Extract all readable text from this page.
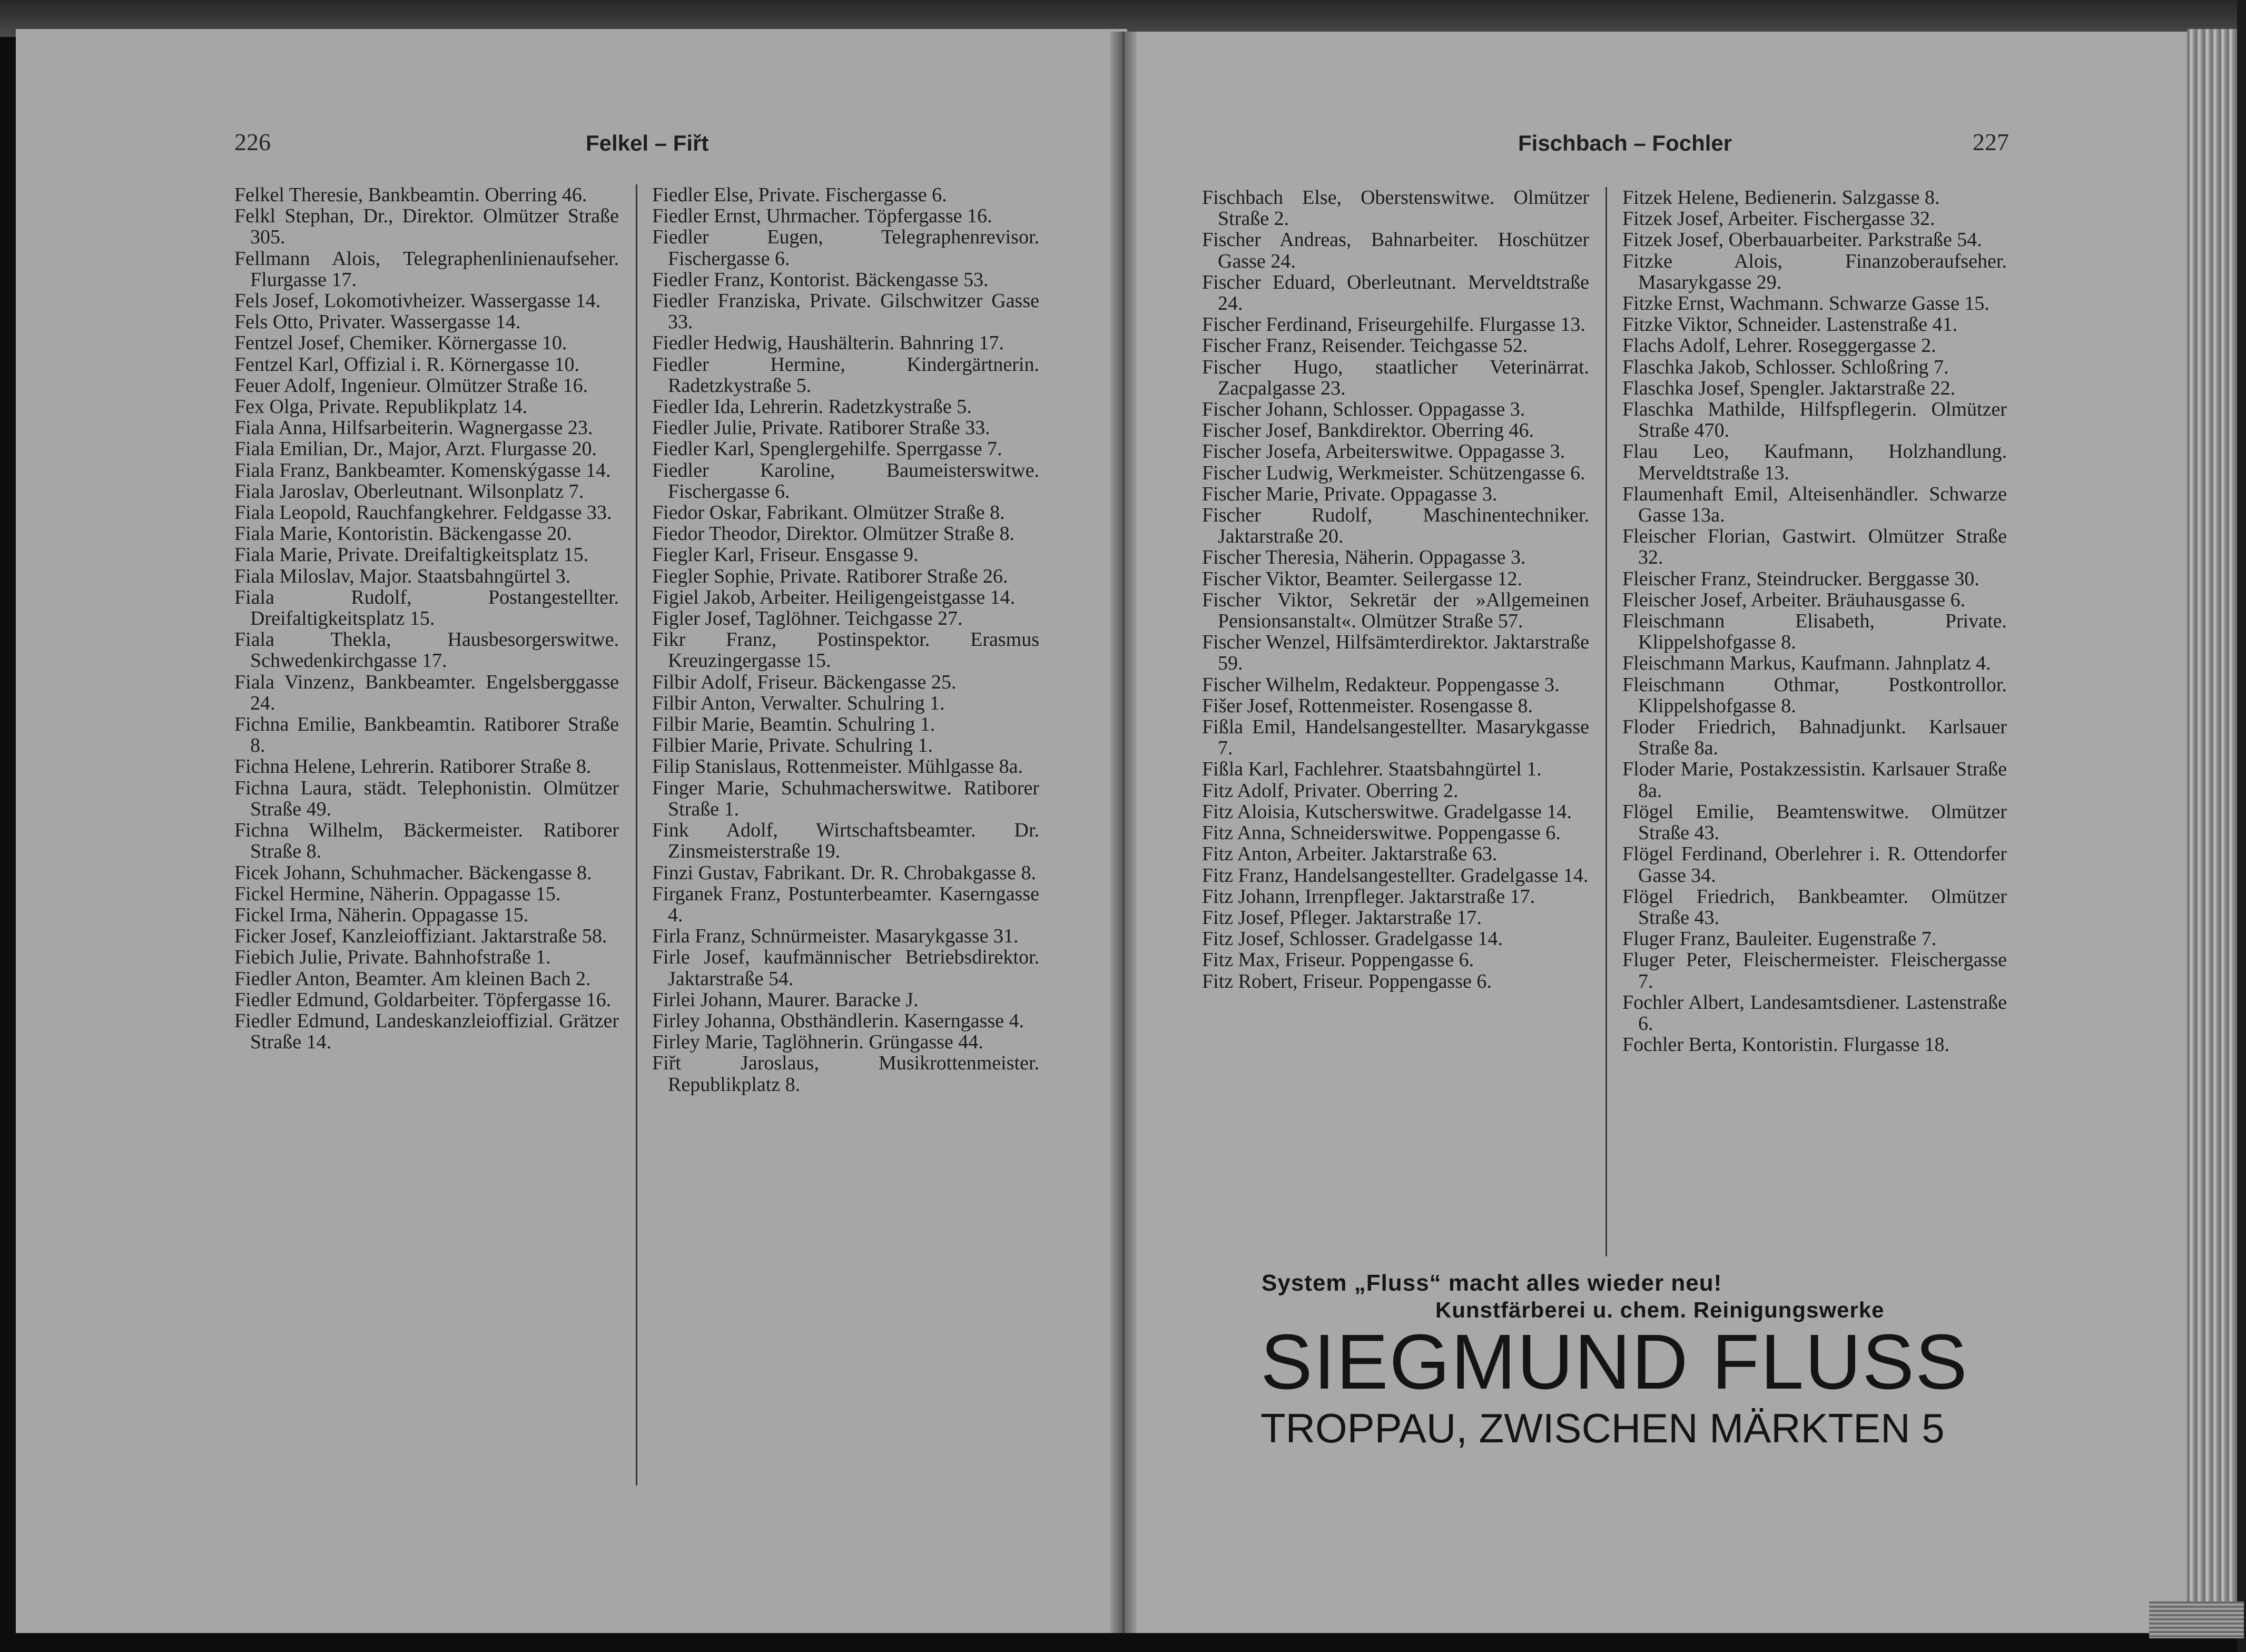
226	Felkel – Fiřt
Felkel Theresie, Bankbeamtin. Oberring 46.
Felkl Stephan, Dr., Direktor. Olmützer Straße 305.
Fellmann Alois, Telegraphenlinienaufseher. Flurgasse 17.
Fels Josef, Lokomotivheizer. Wassergasse 14.
Fels Otto, Privater. Wassergasse 14.
Fentzel Josef, Chemiker. Körnergasse 10.
Fentzel Karl, Offizial i. R. Körnergasse 10.
Feuer Adolf, Ingenieur. Olmützer Straße 16.
Fex Olga, Private. Republikplatz 14.
Fiala Anna, Hilfsarbeiterin. Wagnergasse 23.
Fiala Emilian, Dr., Major, Arzt. Flurgasse 20.
Fiala Franz, Bankbeamter. Komenskýgasse 14.
Fiala Jaroslav, Oberleutnant. Wilsonplatz 7.
Fiala Leopold, Rauchfangkehrer. Feldgasse 33.
Fiala Marie, Kontoristin. Bäckengasse 20.
Fiala Marie, Private. Dreifaltigkeitsplatz 15.
Fiala Miloslav, Major. Staatsbahngürtel 3.
Fiala Rudolf, Postangestellter. Dreifaltigkeitsplatz 15.
Fiala Thekla, Hausbesorgerswitwe. Schwedenkirchgasse 17.
Fiala Vinzenz, Bankbeamter. Engelsberggasse 24.
Fichna Emilie, Bankbeamtin. Ratiborer Straße 8.
Fichna Helene, Lehrerin. Ratiborer Straße 8.
Fichna Laura, städt. Telephonistin. Olmützer Straße 49.
Fichna Wilhelm, Bäckermeister. Ratiborer Straße 8.
Ficek Johann, Schuhmacher. Bäckengasse 8.
Fickel Hermine, Näherin. Oppagasse 15.
Fickel Irma, Näherin. Oppagasse 15.
Ficker Josef, Kanzleioffiziant. Jaktarstraße 58.
Fiebich Julie, Private. Bahnhofstraße 1.
Fiedler Anton, Beamter. Am kleinen Bach 2.
Fiedler Edmund, Goldarbeiter. Töpfergasse 16.
Fiedler Edmund, Landeskanzleioffizial. Grätzer Straße 14.
Fiedler Else, Private. Fischergasse 6.
Fiedler Ernst, Uhrmacher. Töpfergasse 16.
Fiedler Eugen, Telegraphenrevisor. Fischergasse 6.
Fiedler Franz, Kontorist. Bäckengasse 53.
Fiedler Franziska, Private. Gilschwitzer Gasse 33.
Fiedler Hedwig, Haushälterin. Bahnring 17.
Fiedler Hermine, Kindergärtnerin. Radetzkystraße 5.
Fiedler Ida, Lehrerin. Radetzkystraße 5.
Fiedler Julie, Private. Ratiborer Straße 33.
Fiedler Karl, Spenglergehilfe. Sperrgasse 7.
Fiedler Karoline, Baumeisterswitwe. Fischergasse 6.
Fiedor Oskar, Fabrikant. Olmützer Straße 8.
Fiedor Theodor, Direktor. Olmützer Straße 8.
Fiegler Karl, Friseur. Ensgasse 9.
Fiegler Sophie, Private. Ratiborer Straße 26.
Figiel Jakob, Arbeiter. Heiligengeistgasse 14.
Figler Josef, Taglöhner. Teichgasse 27.
Fikr Franz, Postinspektor. Erasmus Kreuzingergasse 15.
Filbir Adolf, Friseur. Bäckengasse 25.
Filbir Anton, Verwalter. Schulring 1.
Filbir Marie, Beamtin. Schulring 1.
Filbier Marie, Private. Schulring 1.
Filip Stanislaus, Rottenmeister. Mühlgasse 8a.
Finger Marie, Schuhmacherswitwe. Ratiborer Straße 1.
Fink Adolf, Wirtschaftsbeamter. Dr. Zinsmeisterstraße 19.
Finzi Gustav, Fabrikant. Dr. R. Chrobakgasse 8.
Firganek Franz, Postunterbeamter. Kaserngasse 4.
Firla Franz, Schnürmeister. Masarykgasse 31.
Firle Josef, kaufmännischer Betriebsdirektor. Jaktarstraße 54.
Firlei Johann, Maurer. Baracke J.
Firley Johanna, Obsthändlerin. Kaserngasse 4.
Firley Marie, Taglöhnerin. Grüngasse 44.
Fiřt Jaroslaus, Musikrottenmeister. Republikplatz 8.
Fischbach – Fochler	227
Fischbach Else, Oberstenswitwe. Olmützer Straße 2.
Fischer Andreas, Bahnarbeiter. Hoschützer Gasse 24.
Fischer Eduard, Oberleutnant. Merveldtstraße 24.
Fischer Ferdinand, Friseurgehilfe. Flurgasse 13.
Fischer Franz, Reisender. Teichgasse 52.
Fischer Hugo, staatlicher Veterinärrat. Zacpalgasse 23.
Fischer Johann, Schlosser. Oppagasse 3.
Fischer Josef, Bankdirektor. Oberring 46.
Fischer Josefa, Arbeiterswitwe. Oppagasse 3.
Fischer Ludwig, Werkmeister. Schützengasse 6.
Fischer Marie, Private. Oppagasse 3.
Fischer Rudolf, Maschinentechniker. Jaktarstraße 20.
Fischer Theresia, Näherin. Oppagasse 3.
Fischer Viktor, Beamter. Seilergasse 12.
Fischer Viktor, Sekretär der »Allgemeinen Pensionsanstalt«. Olmützer Straße 57.
Fischer Wenzel, Hilfsämterdirektor. Jaktarstraße 59.
Fischer Wilhelm, Redakteur. Poppengasse 3.
Fišer Josef, Rottenmeister. Rosengasse 8.
Fißla Emil, Handelsangestellter. Masarykgasse 7.
Fißla Karl, Fachlehrer. Staatsbahngürtel 1.
Fitz Adolf, Privater. Oberring 2.
Fitz Aloisia, Kutscherswitwe. Gradelgasse 14.
Fitz Anna, Schneiderswitwe. Poppengasse 6.
Fitz Anton, Arbeiter. Jaktarstraße 63.
Fitz Franz, Handelsangestellter. Gradelgasse 14.
Fitz Johann, Irrenpfleger. Jaktarstraße 17.
Fitz Josef, Pfleger. Jaktarstraße 17.
Fitz Josef, Schlosser. Gradelgasse 14.
Fitz Max, Friseur. Poppengasse 6.
Fitz Robert, Friseur. Poppengasse 6.
Fitzek Helene, Bedienerin. Salzgasse 8.
Fitzek Josef, Arbeiter. Fischergasse 32.
Fitzek Josef, Oberbauarbeiter. Parkstraße 54.
Fitzke Alois, Finanzoberaufseher. Masarykgasse 29.
Fitzke Ernst, Wachmann. Schwarze Gasse 15.
Fitzke Viktor, Schneider. Lastenstraße 41.
Flachs Adolf, Lehrer. Roseggergasse 2.
Flaschka Jakob, Schlosser. Schloßring 7.
Flaschka Josef, Spengler. Jaktarstraße 22.
Flaschka Mathilde, Hilfspflegerin. Olmützer Straße 470.
Flau Leo, Kaufmann, Holzhandlung. Merveldtstraße 13.
Flaumenhaft Emil, Alteisenhändler. Schwarze Gasse 13a.
Fleischer Florian, Gastwirt. Olmützer Straße 32.
Fleischer Franz, Steindrucker. Berggasse 30.
Fleischer Josef, Arbeiter. Bräuhausgasse 6.
Fleischmann Elisabeth, Private. Klippelshofgasse 8.
Fleischmann Markus, Kaufmann. Jahnplatz 4.
Fleischmann Othmar, Postkontrollor. Klippelshofgasse 8.
Floder Friedrich, Bahnadjunkt. Karlsauer Straße 8a.
Floder Marie, Postakzessistin. Karlsauer Straße 8a.
Flögel Emilie, Beamtenswitwe. Olmützer Straße 43.
Flögel Ferdinand, Oberlehrer i. R. Ottendorfer Gasse 34.
Flögel Friedrich, Bankbeamter. Olmützer Straße 43.
Fluger Franz, Bauleiter. Eugenstraße 7.
Fluger Peter, Fleischermeister. Fleischergasse 7.
Fochler Albert, Landesamtsdiener. Lastenstraße 6.
Fochler Berta, Kontoristin. Flurgasse 18.
System „Fluss“ macht alles wieder neu!
Kunstfärberei u. chem. Reinigungswerke
SIEGMUND FLUSS
TROPPAU, ZWISCHEN MÄRKTEN 5
